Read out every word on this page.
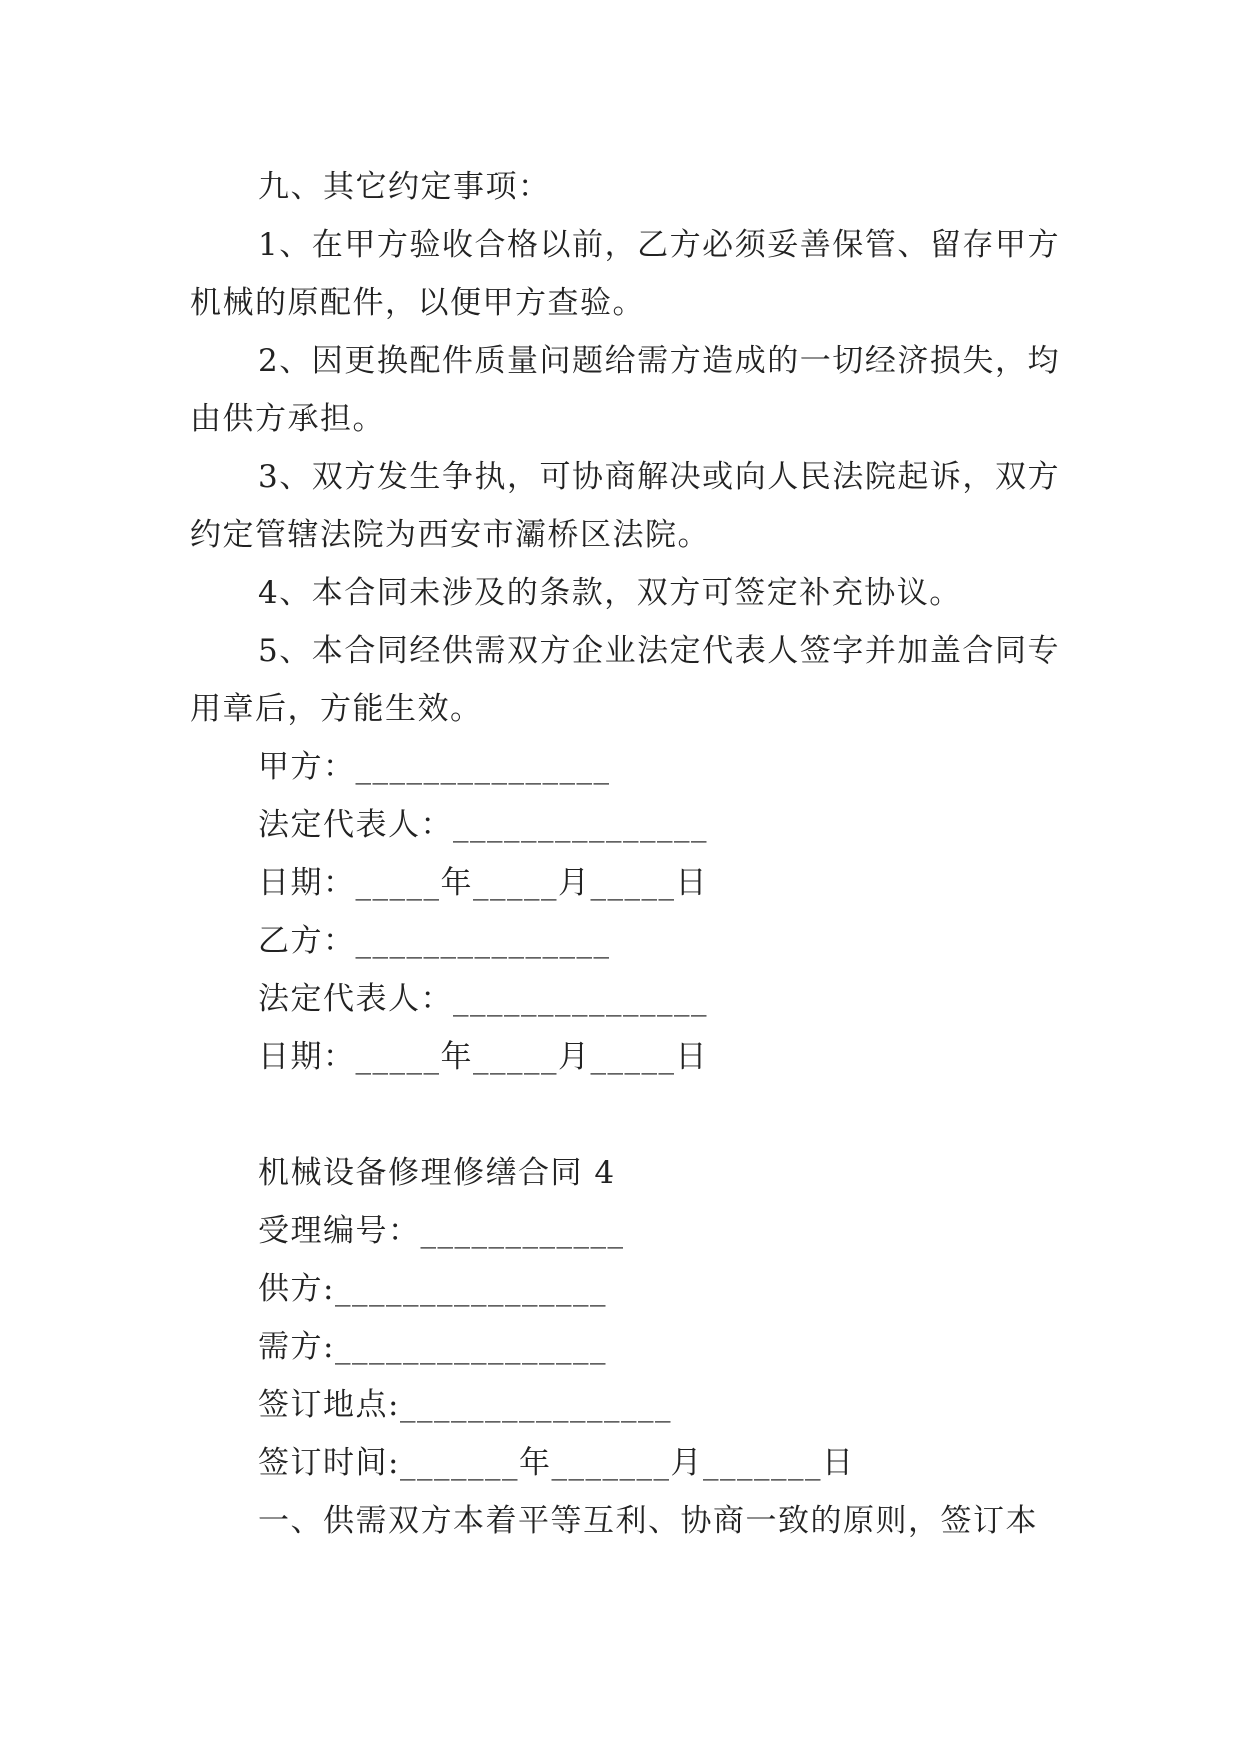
九、其它约定事项：
1、在甲方验收合格以前，乙方必须妥善保管、留存甲方机械的原配件，以便甲方查验。
2、因更换配件质量问题给需方造成的一切经济损失，均由供方承担。
3、双方发生争执，可协商解决或向人民法院起诉，双方约定管辖法院为西安市灞桥区法院。
4、本合同未涉及的条款，双方可签定补充协议。
5、本合同经供需双方企业法定代表人签字并加盖合同专用章后，方能生效。
甲方：_______________
法定代表人：_______________
日期：_____年_____月_____日
乙方：_______________
法定代表人：_______________
日期：_____年_____月_____日
机械设备修理修缮合同 4
受理编号：____________
供方:________________
需方:________________
签订地点:________________
签订时间:_______年_______月_______日
一、供需双方本着平等互利、协商一致的原则，签订本
